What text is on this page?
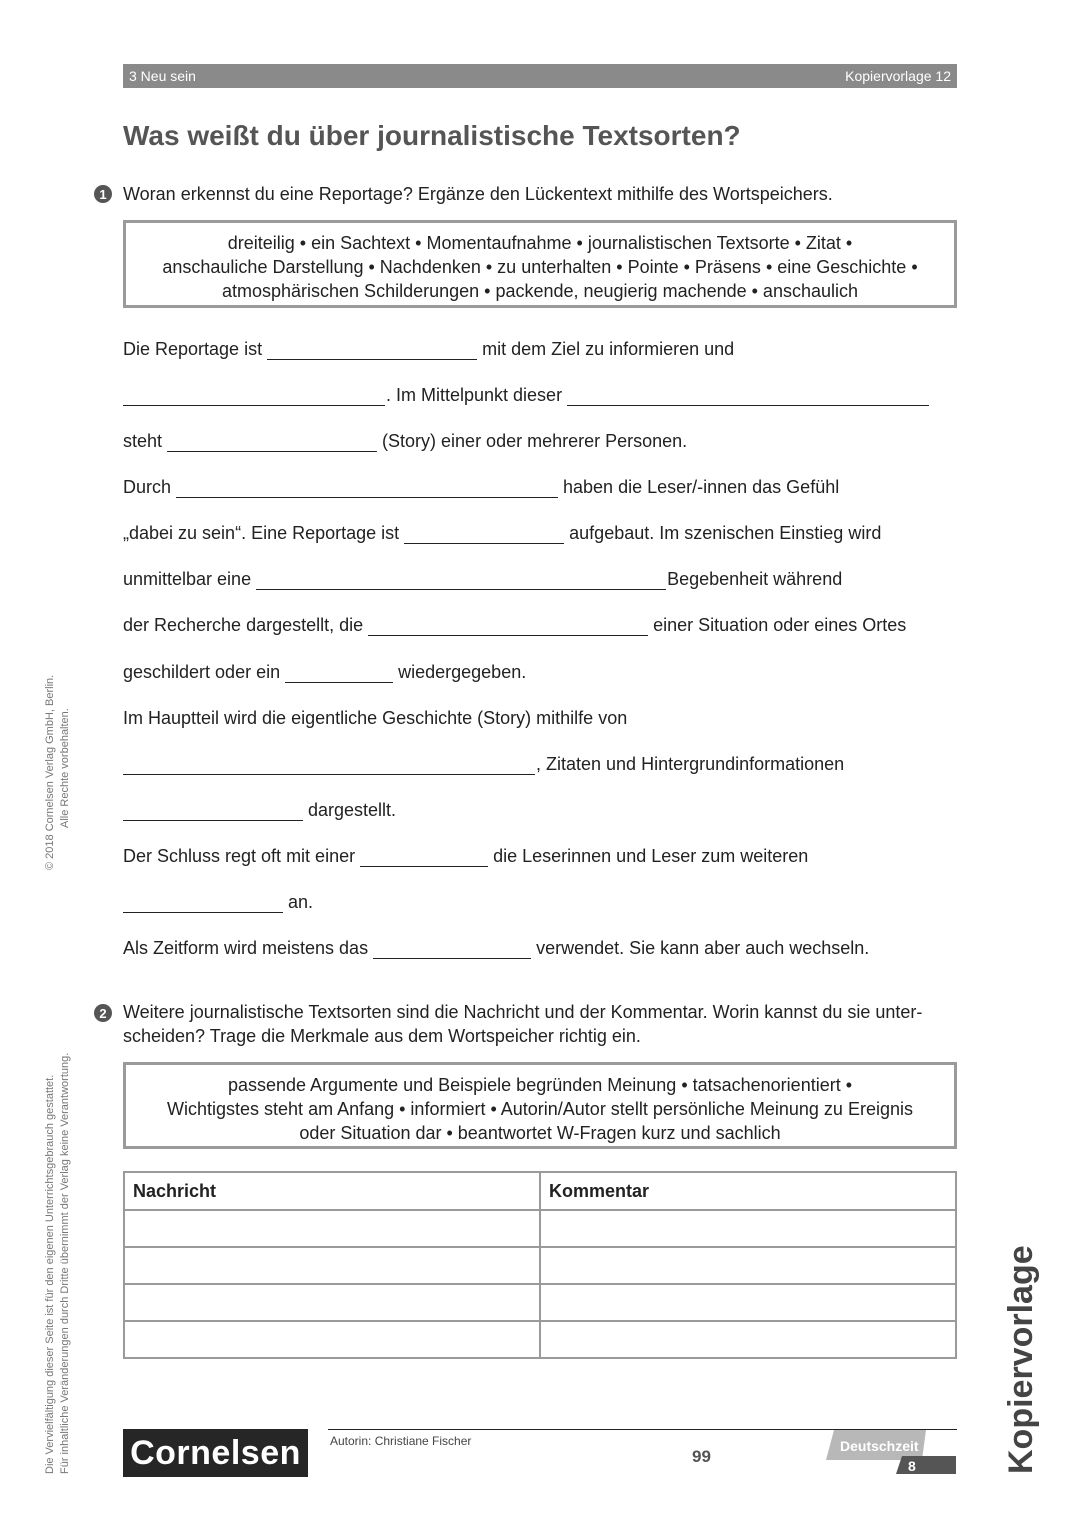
3 Neu sein	Kopiervorlage 12
Was weißt du über journalistische Textsorten?
1 Woran erkennst du eine Reportage? Ergänze den Lückentext mithilfe des Wortspeichers.
dreiteilig • ein Sachtext • Momentaufnahme • journalistischen Textsorte • Zitat •
anschauliche Darstellung • Nachdenken • zu unterhalten • Pointe • Präsens • eine Geschichte •
atmosphärischen Schilderungen • packende, neugierig machende • anschaulich
Die Reportage ist	mit dem Ziel zu informieren und
. Im Mittelpunkt dieser
steht	(Story) einer oder mehrerer Personen.
Durch	haben die Leser/-innen das Gefühl
„dabei zu sein“. Eine Reportage ist	aufgebaut. Im szenischen Einstieg wird
unmittelbar eine	Begebenheit während
der Recherche dargestellt, die	einer Situation oder eines Ortes
geschildert oder ein	wiedergegeben.
Im Hauptteil wird die eigentliche Geschichte (Story) mithilfe von
, Zitaten und Hintergrundinformationen
dargestellt.
Der Schluss regt oft mit einer	die Leserinnen und Leser zum weiteren
an.
Als Zeitform wird meistens das	verwendet. Sie kann aber auch wechseln.
2 Weitere journalistische Textsorten sind die Nachricht und der Kommentar. Worin kannst du sie unter-
scheiden? Trage die Merkmale aus dem Wortspeicher richtig ein.
passende Argumente und Beispiele begründen Meinung • tatsachenorientiert •
Wichtigstes steht am Anfang • informiert • Autorin/Autor stellt persönliche Meinung zu Ereignis
oder Situation dar • beantwortet W-Fragen kurz und sachlich
Nachricht	Kommentar

© 2018 Cornelsen Verlag GmbH, Berlin. Alle Rechte vorbehalten.
Die Vervielfältigung dieser Seite ist für den eigenen Unterrichtsgebrauch gestattet. Für inhaltliche Veränderungen durch Dritte übernimmt der Verlag keine Verantwortung. Cornelsen	Autorin: Christiane Fischer
99
Deutschzeit
8	Kopiervorlage
